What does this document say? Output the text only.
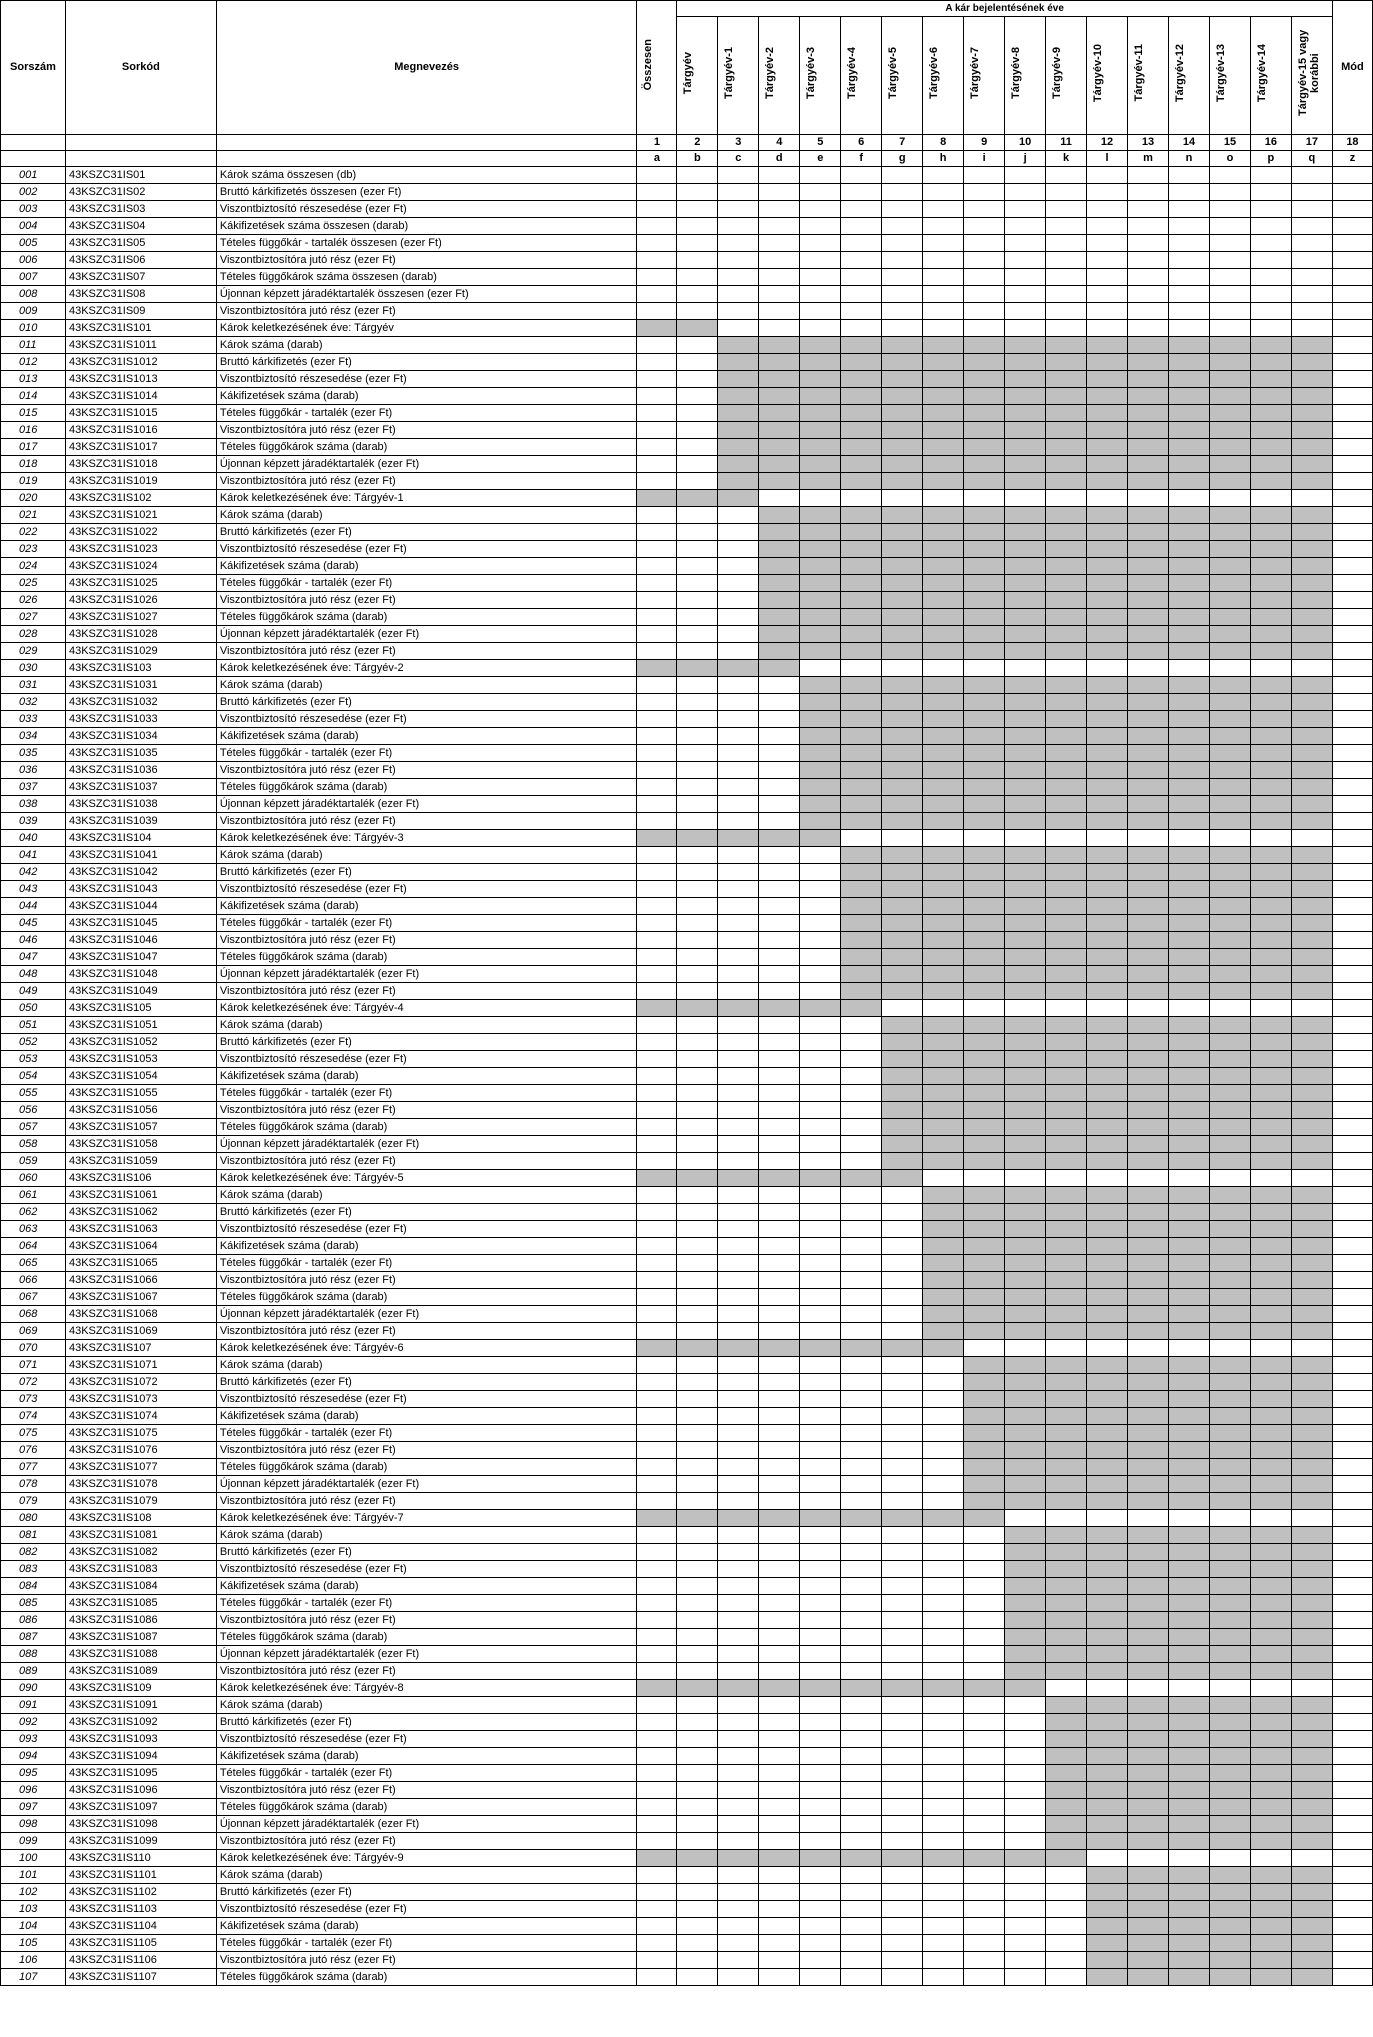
Sorszám	Sorkód	Megnevezés	Összesen	A kár bejelentésének éve																Mód
				Tárgyév	Tárgyév-1	Tárgyév-2	Tárgyév-3	Tárgyév-4	Tárgyév-5	Tárgyév-6	Tárgyév-7	Tárgyév-8	Tárgyév-9	Tárgyév-10	Tárgyév-11	Tárgyév-12	Tárgyév-13	Tárgyév-14	Tárgyév-15 vagy korábbi	
			1	2	3	4	5	6	7	8	9	10	11	12	13	14	15	16	17	18
			a	b	c	d	e	f	g	h	i	j	k	l	m	n	o	p	q	z
001	43KSZC31IS01	Károk száma összesen (db)																		
002	43KSZC31IS02	Bruttó kárkifizetés összesen (ezer Ft)																		
003	43KSZC31IS03	Viszontbiztosító részesedése (ezer Ft)																		
004	43KSZC31IS04	Kákifizetések száma összesen (darab)																		
005	43KSZC31IS05	Tételes függőkár - tartalék összesen (ezer Ft)																		
006	43KSZC31IS06	Viszontbiztosítóra jutó rész (ezer Ft)																		
007	43KSZC31IS07	Tételes függőkárok száma összesen (darab)																		
008	43KSZC31IS08	Újonnan képzett járadéktartalék összesen (ezer Ft)																		
009	43KSZC31IS09	Viszontbiztosítóra jutó rész (ezer Ft)																		
010	43KSZC31IS101	Károk keletkezésének éve: Tárgyév																		
011	43KSZC31IS1011	Károk száma (darab)																		
012	43KSZC31IS1012	Bruttó kárkifizetés (ezer Ft)																		
013	43KSZC31IS1013	Viszontbiztosító részesedése (ezer Ft)																		
014	43KSZC31IS1014	Kákifizetések száma (darab)																		
015	43KSZC31IS1015	Tételes függőkár - tartalék (ezer Ft)																		
016	43KSZC31IS1016	Viszontbiztosítóra jutó rész (ezer Ft)																		
017	43KSZC31IS1017	Tételes függőkárok száma (darab)																		
018	43KSZC31IS1018	Újonnan képzett járadéktartalék (ezer Ft)																		
019	43KSZC31IS1019	Viszontbiztosítóra jutó rész (ezer Ft)																		
020	43KSZC31IS102	Károk keletkezésének éve: Tárgyév-1																		
021	43KSZC31IS1021	Károk száma (darab)																		
022	43KSZC31IS1022	Bruttó kárkifizetés (ezer Ft)																		
023	43KSZC31IS1023	Viszontbiztosító részesedése (ezer Ft)																		
024	43KSZC31IS1024	Kákifizetések száma (darab)																		
025	43KSZC31IS1025	Tételes függőkár - tartalék (ezer Ft)																		
026	43KSZC31IS1026	Viszontbiztosítóra jutó rész (ezer Ft)																		
027	43KSZC31IS1027	Tételes függőkárok száma (darab)																		
028	43KSZC31IS1028	Újonnan képzett járadéktartalék (ezer Ft)																		
029	43KSZC31IS1029	Viszontbiztosítóra jutó rész (ezer Ft)																		
030	43KSZC31IS103	Károk keletkezésének éve: Tárgyév-2																		
031	43KSZC31IS1031	Károk száma (darab)																		
032	43KSZC31IS1032	Bruttó kárkifizetés (ezer Ft)																		
033	43KSZC31IS1033	Viszontbiztosító részesedése (ezer Ft)																		
034	43KSZC31IS1034	Kákifizetések száma (darab)																		
035	43KSZC31IS1035	Tételes függőkár - tartalék (ezer Ft)																		
036	43KSZC31IS1036	Viszontbiztosítóra jutó rész (ezer Ft)																		
037	43KSZC31IS1037	Tételes függőkárok száma (darab)																		
038	43KSZC31IS1038	Újonnan képzett járadéktartalék (ezer Ft)																		
039	43KSZC31IS1039	Viszontbiztosítóra jutó rész (ezer Ft)																		
040	43KSZC31IS104	Károk keletkezésének éve: Tárgyév-3																		
041	43KSZC31IS1041	Károk száma (darab)																		
042	43KSZC31IS1042	Bruttó kárkifizetés (ezer Ft)																		
043	43KSZC31IS1043	Viszontbiztosító részesedése (ezer Ft)																		
044	43KSZC31IS1044	Kákifizetések száma (darab)																		
045	43KSZC31IS1045	Tételes függőkár - tartalék (ezer Ft)																		
046	43KSZC31IS1046	Viszontbiztosítóra jutó rész (ezer Ft)																		
047	43KSZC31IS1047	Tételes függőkárok száma (darab)																		
048	43KSZC31IS1048	Újonnan képzett járadéktartalék (ezer Ft)																		
049	43KSZC31IS1049	Viszontbiztosítóra jutó rész (ezer Ft)																		
050	43KSZC31IS105	Károk keletkezésének éve: Tárgyév-4																		
051	43KSZC31IS1051	Károk száma (darab)																		
052	43KSZC31IS1052	Bruttó kárkifizetés (ezer Ft)																		
053	43KSZC31IS1053	Viszontbiztosító részesedése (ezer Ft)																		
054	43KSZC31IS1054	Kákifizetések száma (darab)																		
055	43KSZC31IS1055	Tételes függőkár - tartalék (ezer Ft)																		
056	43KSZC31IS1056	Viszontbiztosítóra jutó rész (ezer Ft)																		
057	43KSZC31IS1057	Tételes függőkárok száma (darab)																		
058	43KSZC31IS1058	Újonnan képzett járadéktartalék (ezer Ft)																		
059	43KSZC31IS1059	Viszontbiztosítóra jutó rész (ezer Ft)																		
060	43KSZC31IS106	Károk keletkezésének éve: Tárgyév-5																		
061	43KSZC31IS1061	Károk száma (darab)																		
062	43KSZC31IS1062	Bruttó kárkifizetés (ezer Ft)																		
063	43KSZC31IS1063	Viszontbiztosító részesedése (ezer Ft)																		
064	43KSZC31IS1064	Kákifizetések száma (darab)																		
065	43KSZC31IS1065	Tételes függőkár - tartalék (ezer Ft)																		
066	43KSZC31IS1066	Viszontbiztosítóra jutó rész (ezer Ft)																		
067	43KSZC31IS1067	Tételes függőkárok száma (darab)																		
068	43KSZC31IS1068	Újonnan képzett járadéktartalék (ezer Ft)																		
069	43KSZC31IS1069	Viszontbiztosítóra jutó rész (ezer Ft)																		
070	43KSZC31IS107	Károk keletkezésének éve: Tárgyév-6																		
071	43KSZC31IS1071	Károk száma (darab)																		
072	43KSZC31IS1072	Bruttó kárkifizetés (ezer Ft)																		
073	43KSZC31IS1073	Viszontbiztosító részesedése (ezer Ft)																		
074	43KSZC31IS1074	Kákifizetések száma (darab)																		
075	43KSZC31IS1075	Tételes függőkár - tartalék (ezer Ft)																		
076	43KSZC31IS1076	Viszontbiztosítóra jutó rész (ezer Ft)																		
077	43KSZC31IS1077	Tételes függőkárok száma (darab)																		
078	43KSZC31IS1078	Újonnan képzett járadéktartalék (ezer Ft)																		
079	43KSZC31IS1079	Viszontbiztosítóra jutó rész (ezer Ft)																		
080	43KSZC31IS108	Károk keletkezésének éve: Tárgyév-7																		
081	43KSZC31IS1081	Károk száma (darab)																		
082	43KSZC31IS1082	Bruttó kárkifizetés (ezer Ft)																		
083	43KSZC31IS1083	Viszontbiztosító részesedése (ezer Ft)																		
084	43KSZC31IS1084	Kákifizetések száma (darab)																		
085	43KSZC31IS1085	Tételes függőkár - tartalék (ezer Ft)																		
086	43KSZC31IS1086	Viszontbiztosítóra jutó rész (ezer Ft)																		
087	43KSZC31IS1087	Tételes függőkárok száma (darab)																		
088	43KSZC31IS1088	Újonnan képzett járadéktartalék (ezer Ft)																		
089	43KSZC31IS1089	Viszontbiztosítóra jutó rész (ezer Ft)																		
090	43KSZC31IS109	Károk keletkezésének éve: Tárgyév-8																		
091	43KSZC31IS1091	Károk száma (darab)																		
092	43KSZC31IS1092	Bruttó kárkifizetés (ezer Ft)																		
093	43KSZC31IS1093	Viszontbiztosító részesedése (ezer Ft)																		
094	43KSZC31IS1094	Kákifizetések száma (darab)																		
095	43KSZC31IS1095	Tételes függőkár - tartalék (ezer Ft)																		
096	43KSZC31IS1096	Viszontbiztosítóra jutó rész (ezer Ft)																		
097	43KSZC31IS1097	Tételes függőkárok száma (darab)																		
098	43KSZC31IS1098	Újonnan képzett járadéktartalék (ezer Ft)																		
099	43KSZC31IS1099	Viszontbiztosítóra jutó rész (ezer Ft)																		
100	43KSZC31IS110	Károk keletkezésének éve: Tárgyév-9																		
101	43KSZC31IS1101	Károk száma (darab)																		
102	43KSZC31IS1102	Bruttó kárkifizetés (ezer Ft)																		
103	43KSZC31IS1103	Viszontbiztosító részesedése (ezer Ft)																		
104	43KSZC31IS1104	Kákifizetések száma (darab)																		
105	43KSZC31IS1105	Tételes függőkár - tartalék (ezer Ft)																		
106	43KSZC31IS1106	Viszontbiztosítóra jutó rész (ezer Ft)																		
107	43KSZC31IS1107	Tételes függőkárok száma (darab)																		
